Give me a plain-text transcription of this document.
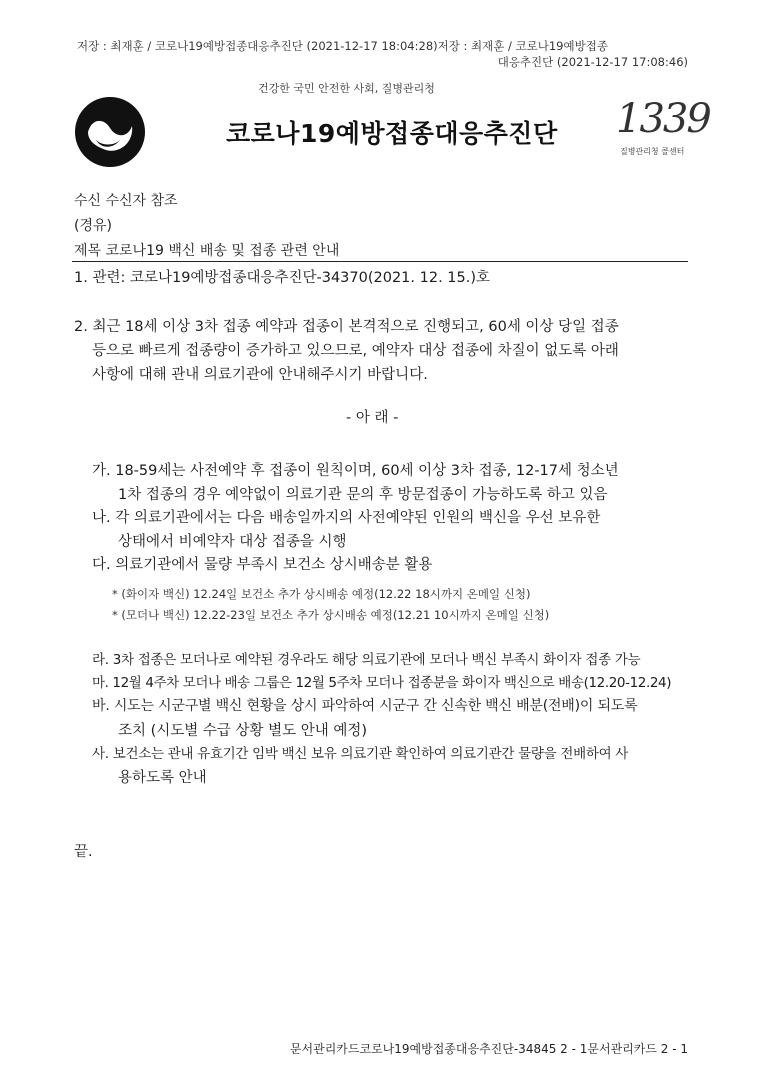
저장 : 최재훈 / 코로나19예방접종대응추진단 (2021-12-17 18:04:28)저장 : 최재훈 / 코로나19예방접종
대응추진단 (2021-12-17 17:08:46)
건강한 국민 안전한 사회, 질병관리청
코로나19예방접종대응추진단 1339
질병관리청 콜센터
수신 수신자 참조
(경유)
제목 코로나19 백신 배송 및 접종 관련 안내
1. 관련: 코로나19예방접종대응추진단-34370(2021. 12. 15.)호
2. 최근 18세 이상 3차 접종 예약과 접종이 본격적으로 진행되고, 60세 이상 당일 접종
등으로 빠르게 접종량이 증가하고 있으므로, 예약자 대상 접종에 차질이 없도록 아래
사항에 대해 관내 의료기관에 안내해주시기 바랍니다.
- 아 래 -
가. 18-59세는 사전예약 후 접종이 원칙이며, 60세 이상 3차 접종, 12-17세 청소년
1차 접종의 경우 예약없이 의료기관 문의 후 방문접종이 가능하도록 하고 있음
나. 각 의료기관에서는 다음 배송일까지의 사전예약된 인원의 백신을 우선 보유한
상태에서 비예약자 대상 접종을 시행
다. 의료기관에서 물량 부족시 보건소 상시배송분 활용
* (화이자 백신) 12.24일 보건소 추가 상시배송 예정(12.22 18시까지 온메일 신청)
* (모더나 백신) 12.22-23일 보건소 추가 상시배송 예정(12.21 10시까지 온메일 신청)
라. 3차 접종은 모더나로 예약된 경우라도 해당 의료기관에 모더나 백신 부족시 화이자 접종 가능
마. 12월 4주차 모더나 배송 그룹은 12월 5주차 모더나 접종분을 화이자 백신으로 배송(12.20-12.24)
바. 시도는 시군구별 백신 현황을 상시 파악하여 시군구 간 신속한 백신 배분(전배)이 되도록
조치 (시도별 수급 상황 별도 안내 예정)
사. 보건소는 관내 유효기간 임박 백신 보유 의료기관 확인하여 의료기관간 물량을 전배하여 사
용하도록 안내
끝.
문서관리카드코로나19예방접종대응추진단-34845 2 - 1문서관리카드 2 - 1
